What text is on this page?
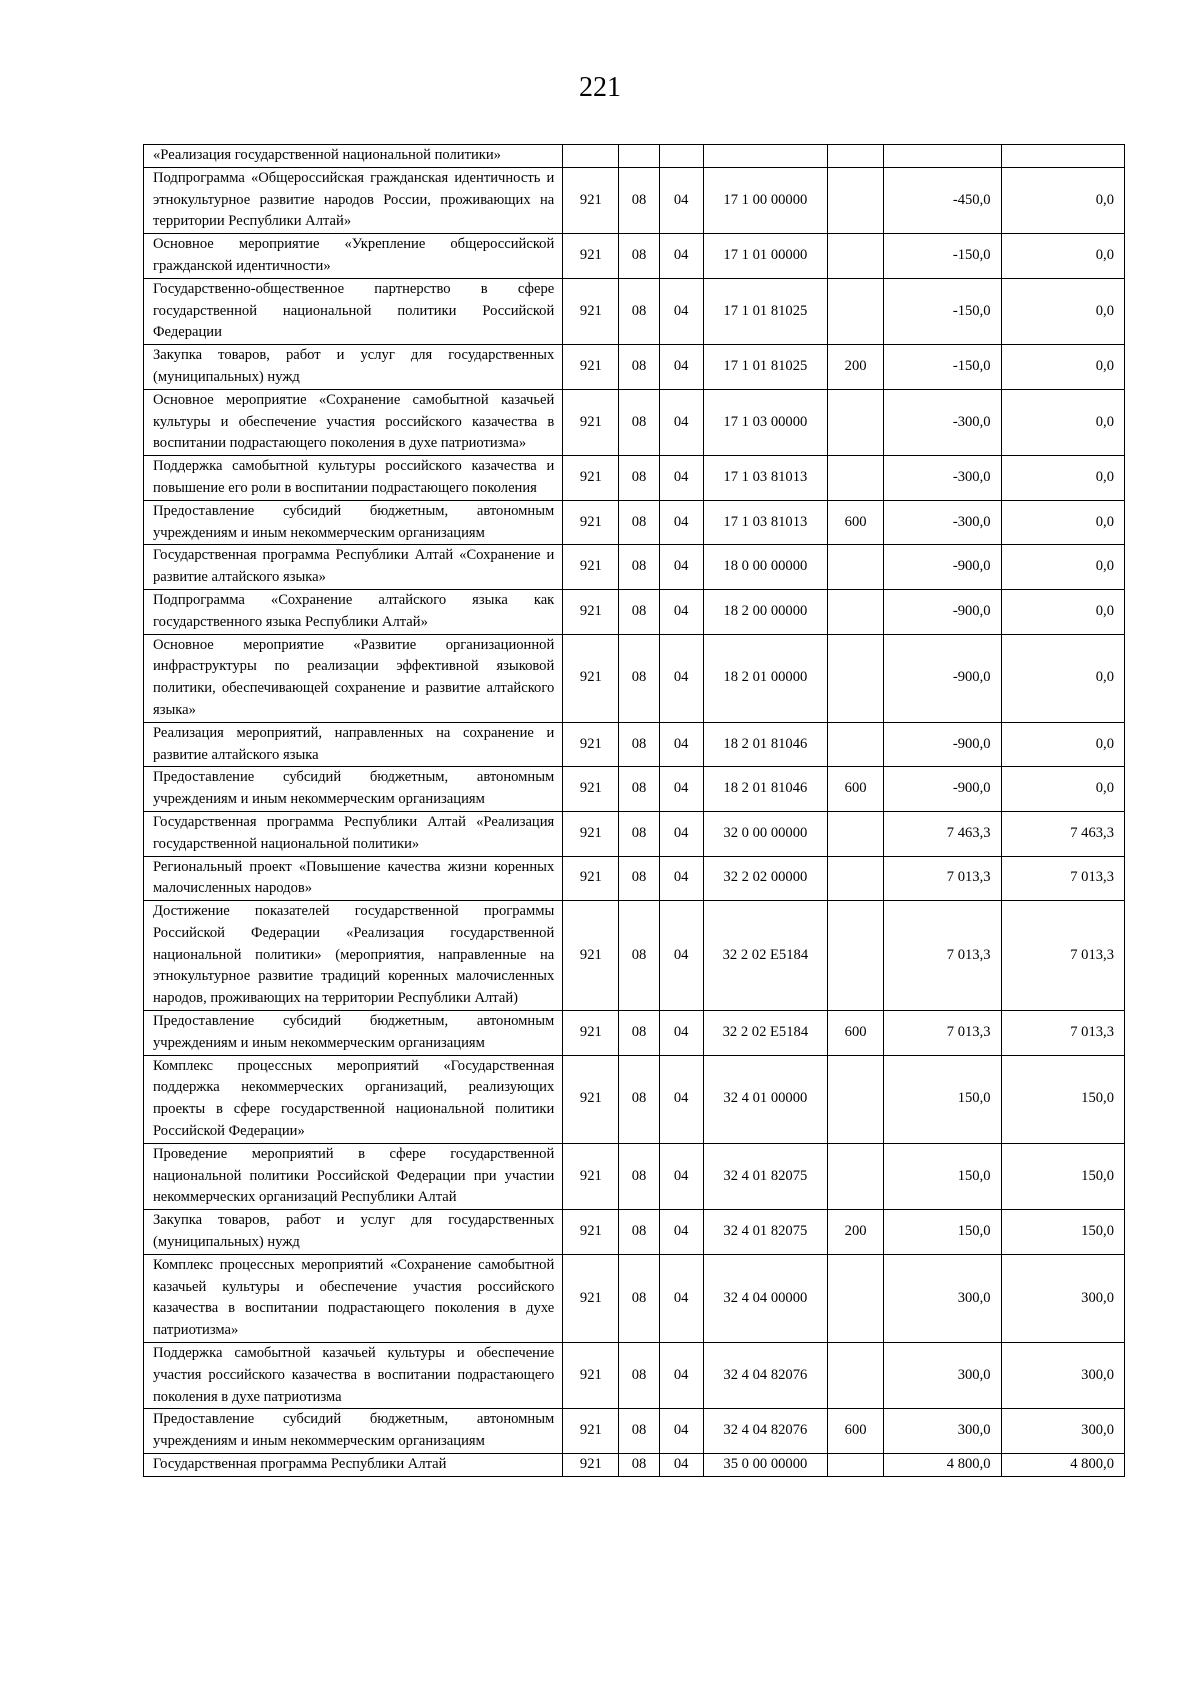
221
«Реализация государственной национальной политики»							
Подпрограмма «Общероссийская гражданская идентичность и этнокультурное развитие народов России, проживающих на территории Республики Алтай»	921	08	04	17 1 00 00000		-450,0	0,0
Основное мероприятие «Укрепление общероссийской гражданской идентичности»	921	08	04	17 1 01 00000		-150,0	0,0
Государственно-общественное партнерство в сфере государственной национальной политики Российской Федерации	921	08	04	17 1 01 81025		-150,0	0,0
Закупка товаров, работ и услуг для государственных (муниципальных) нужд	921	08	04	17 1 01 81025	200	-150,0	0,0
Основное мероприятие «Сохранение самобытной казачьей культуры и обеспечение участия российского казачества в воспитании подрастающего поколения в духе патриотизма»	921	08	04	17 1 03 00000		-300,0	0,0
Поддержка самобытной культуры российского казачества и повышение его роли в воспитании подрастающего поколения	921	08	04	17 1 03 81013		-300,0	0,0
Предоставление субсидий бюджетным, автономным учреждениям и иным некоммерческим организациям	921	08	04	17 1 03 81013	600	-300,0	0,0
Государственная программа Республики Алтай «Сохранение и развитие алтайского языка»	921	08	04	18 0 00 00000		-900,0	0,0
Подпрограмма «Сохранение алтайского языка как государственного языка Республики Алтай»	921	08	04	18 2 00 00000		-900,0	0,0
Основное мероприятие «Развитие организационной инфраструктуры по реализации эффективной языковой политики, обеспечивающей сохранение и развитие алтайского языка»	921	08	04	18 2 01 00000		-900,0	0,0
Реализация мероприятий, направленных на сохранение и развитие алтайского языка	921	08	04	18 2 01 81046		-900,0	0,0
Предоставление субсидий бюджетным, автономным учреждениям и иным некоммерческим организациям	921	08	04	18 2 01 81046	600	-900,0	0,0
Государственная программа Республики Алтай «Реализация государственной национальной политики»	921	08	04	32 0 00 00000		7 463,3	7 463,3
Региональный проект «Повышение качества жизни коренных малочисленных народов»	921	08	04	32 2 02 00000		7 013,3	7 013,3
Достижение показателей государственной программы Российской Федерации «Реализация государственной национальной политики» (мероприятия, направленные на этнокультурное развитие традиций коренных малочисленных народов, проживающих на территории Республики Алтай)	921	08	04	32 2 02 E5184		7 013,3	7 013,3
Предоставление субсидий бюджетным, автономным учреждениям и иным некоммерческим организациям	921	08	04	32 2 02 E5184	600	7 013,3	7 013,3
Комплекс процессных мероприятий «Государственная поддержка некоммерческих организаций, реализующих проекты в сфере государственной национальной политики Российской Федерации»	921	08	04	32 4 01 00000		150,0	150,0
Проведение мероприятий в сфере государственной национальной политики Российской Федерации при участии некоммерческих организаций Республики Алтай	921	08	04	32 4 01 82075		150,0	150,0
Закупка товаров, работ и услуг для государственных (муниципальных) нужд	921	08	04	32 4 01 82075	200	150,0	150,0
Комплекс процессных мероприятий «Сохранение самобытной казачьей культуры и обеспечение участия российского казачества в воспитании подрастающего поколения в духе патриотизма»	921	08	04	32 4 04 00000		300,0	300,0
Поддержка самобытной казачьей культуры и обеспечение участия российского казачества в воспитании подрастающего поколения в духе патриотизма	921	08	04	32 4 04 82076		300,0	300,0
Предоставление субсидий бюджетным, автономным учреждениям и иным некоммерческим организациям	921	08	04	32 4 04 82076	600	300,0	300,0
Государственная программа Республики Алтай	921	08	04	35 0 00 00000		4 800,0	4 800,0
